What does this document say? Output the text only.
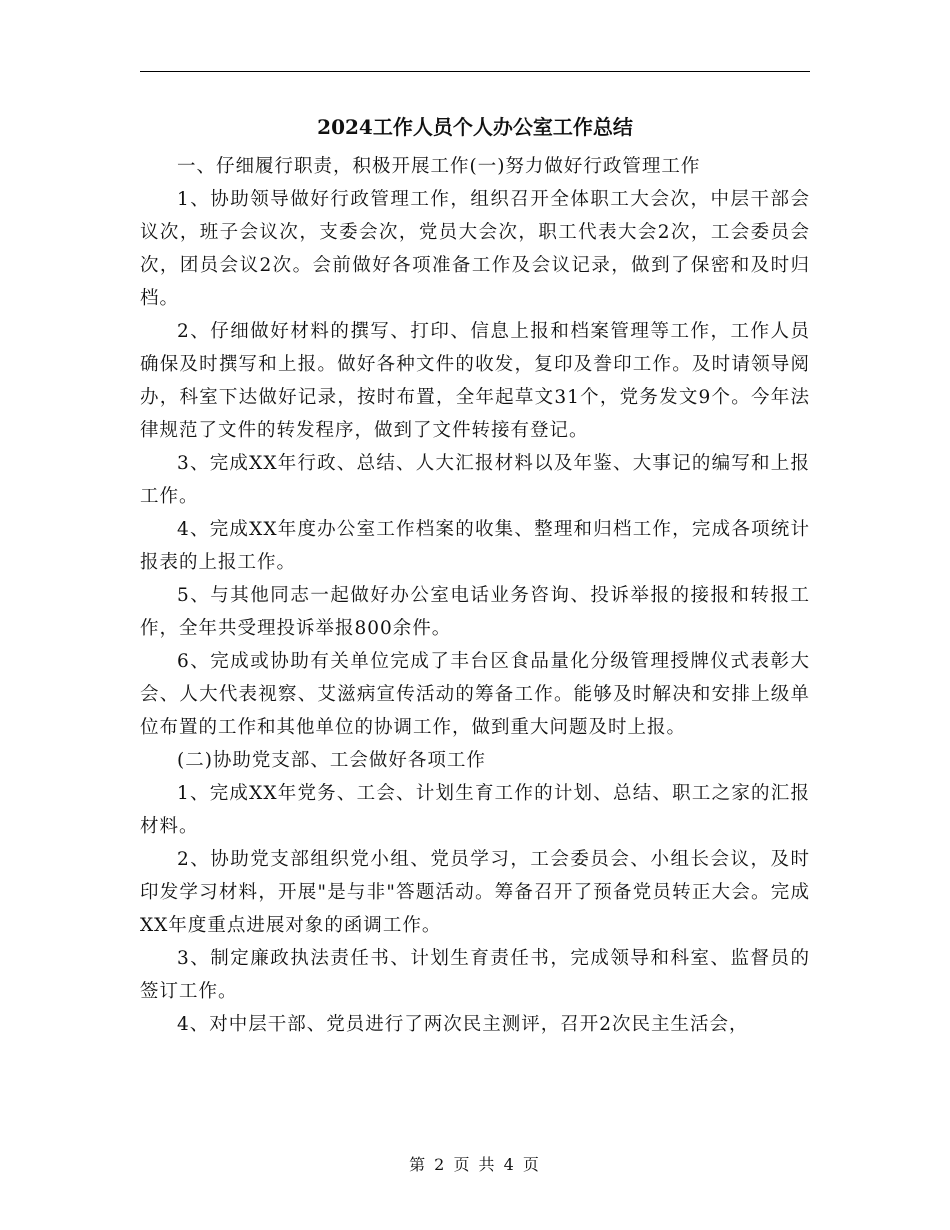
2024工作人员个人办公室工作总结

一、仔细履行职责，积极开展工作(一)努力做好行政管理工作

1、协助领导做好行政管理工作，组织召开全体职工大会次，中层干部会议次，班子会议次，支委会次，党员大会次，职工代表大会2次，工会委员会次，团员会议2次。会前做好各项准备工作及会议记录，做到了保密和及时归档。

2、仔细做好材料的撰写、打印、信息上报和档案管理等工作，工作人员确保及时撰写和上报。做好各种文件的收发，复印及誊印工作。及时请领导阅办，科室下达做好记录，按时布置，全年起草文31个，党务发文9个。今年法律规范了文件的转发程序，做到了文件转接有登记。

3、完成XX年行政、总结、人大汇报材料以及年鉴、大事记的编写和上报工作。

4、完成XX年度办公室工作档案的收集、整理和归档工作，完成各项统计报表的上报工作。

5、与其他同志一起做好办公室电话业务咨询、投诉举报的接报和转报工作，全年共受理投诉举报800余件。

6、完成或协助有关单位完成了丰台区食品量化分级管理授牌仪式表彰大会、人大代表视察、艾滋病宣传活动的筹备工作。能够及时解决和安排上级单位布置的工作和其他单位的协调工作，做到重大问题及时上报。

(二)协助党支部、工会做好各项工作

1、完成XX年党务、工会、计划生育工作的计划、总结、职工之家的汇报材料。

2、协助党支部组织党小组、党员学习，工会委员会、小组长会议，及时印发学习材料，开展"是与非"答题活动。筹备召开了预备党员转正大会。完成XX年度重点进展对象的函调工作。

3、制定廉政执法责任书、计划生育责任书，完成领导和科室、监督员的签订工作。

4、对中层干部、党员进行了两次民主测评，召开2次民主生活会，

第 2 页 共 4 页
